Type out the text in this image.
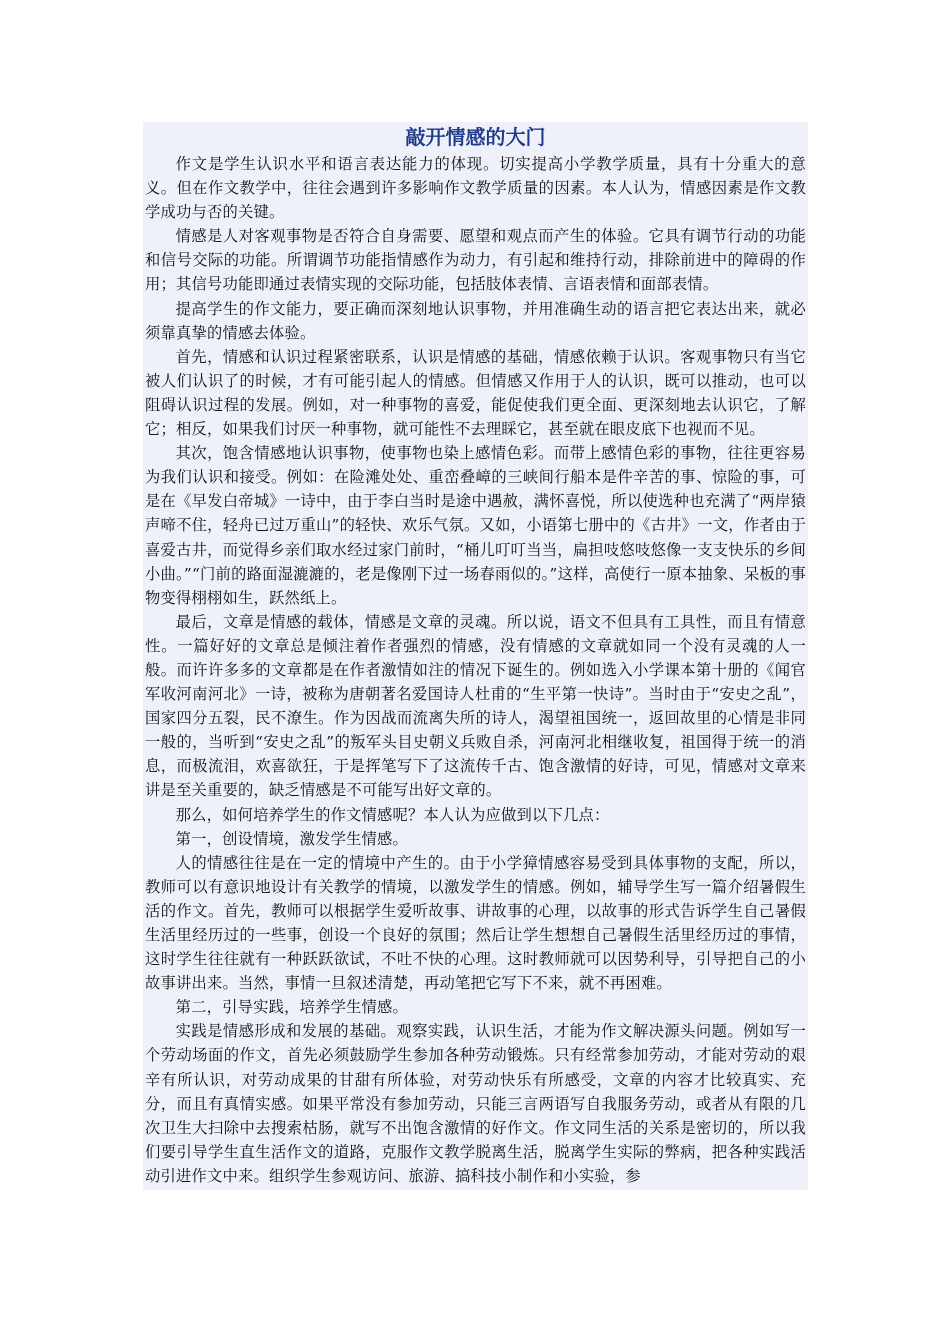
敲开情感的大门

作文是学生认识水平和语言表达能力的体现。切实提高小学教学质量，具有十分重大的意义。但在作文教学中，往往会遇到许多影响作文教学质量的因素。本人认为，情感因素是作文教学成功与否的关键。

情感是人对客观事物是否符合自身需要、愿望和观点而产生的体验。它具有调节行动的功能和信号交际的功能。所谓调节功能指情感作为动力，有引起和维持行动，排除前进中的障碍的作用；其信号功能即通过表情实现的交际功能，包括肢体表情、言语表情和面部表情。

提高学生的作文能力，要正确而深刻地认识事物，并用准确生动的语言把它表达出来，就必须靠真挚的情感去体验。

首先，情感和认识过程紧密联系，认识是情感的基础，情感依赖于认识。客观事物只有当它被人们认识了的时候，才有可能引起人的情感。但情感又作用于人的认识，既可以推动，也可以阻碍认识过程的发展。例如，对一种事物的喜爱，能促使我们更全面、更深刻地去认识它，了解它；相反，如果我们讨厌一种事物，就可能性不去理睬它，甚至就在眼皮底下也视而不见。

其次，饱含情感地认识事物，使事物也染上感情色彩。而带上感情色彩的事物，往往更容易为我们认识和接受。例如：在险滩处处、重峦叠嶂的三峡间行船本是件辛苦的事、惊险的事，可是在《早发白帝城》一诗中，由于李白当时是途中遇赦，满怀喜悦，所以使选种也充满了“两岸猿声啼不住，轻舟已过万重山”的轻快、欢乐气氛。又如，小语第七册中的《古井》一文，作者由于喜爱古井，而觉得乡亲们取水经过家门前时，“桶儿叮叮当当，扁担吱悠吱悠像一支支快乐的乡间小曲。”“门前的路面湿漉漉的，老是像刚下过一场春雨似的。”这样，高使行一原本抽象、呆板的事物变得栩栩如生，跃然纸上。

最后，文章是情感的载体，情感是文章的灵魂。所以说，语文不但具有工具性，而且有情意性。一篇好好的文章总是倾注着作者强烈的情感，没有情感的文章就如同一个没有灵魂的人一般。而许许多多的文章都是在作者激情如注的情况下诞生的。例如选入小学课本第十册的《闻官军收河南河北》一诗，被称为唐朝著名爱国诗人杜甫的“生平第一快诗”。当时由于“安史之乱”，国家四分五裂，民不潦生。作为因战而流离失所的诗人，渴望祖国统一，返回故里的心情是非同一般的，当听到“安史之乱”的叛军头目史朝义兵败自杀，河南河北相继收复，祖国得于统一的消息，而极流泪，欢喜欲狂，于是挥笔写下了这流传千古、饱含激情的好诗，可见，情感对文章来讲是至关重要的，缺乏情感是不可能写出好文章的。

那么，如何培养学生的作文情感呢？本人认为应做到以下几点：

第一，创设情境，激发学生情感。

人的情感往往是在一定的情境中产生的。由于小学獐情感容易受到具体事物的支配，所以，教师可以有意识地设计有关教学的情境，以激发学生的情感。例如，辅导学生写一篇介绍暑假生活的作文。首先，教师可以根据学生爱听故事、讲故事的心理，以故事的形式告诉学生自己暑假生活里经历过的一些事，创设一个良好的氛围；然后让学生想想自己暑假生活里经历过的事情，这时学生往往就有一种跃跃欲试，不吐不快的心理。这时教师就可以因势利导，引导把自己的小故事讲出来。当然，事情一旦叙述清楚，再动笔把它写下不来，就不再困难。

第二，引导实践，培养学生情感。

实践是情感形成和发展的基础。观察实践，认识生活，才能为作文解决源头问题。例如写一个劳动场面的作文，首先必须鼓励学生参加各种劳动锻炼。只有经常参加劳动，才能对劳动的艰辛有所认识，对劳动成果的甘甜有所体验，对劳动快乐有所感受，文章的内容才比较真实、充分，而且有真情实感。如果平常没有参加劳动，只能三言两语写自我服务劳动，或者从有限的几次卫生大扫除中去搜索枯肠，就写不出饱含激情的好作文。作文同生活的关系是密切的，所以我们要引导学生直生活作文的道路，克服作文教学脱离生活，脱离学生实际的弊病，把各种实践活动引进作文中来。组织学生参观访问、旅游、搞科技小制作和小实验，参
